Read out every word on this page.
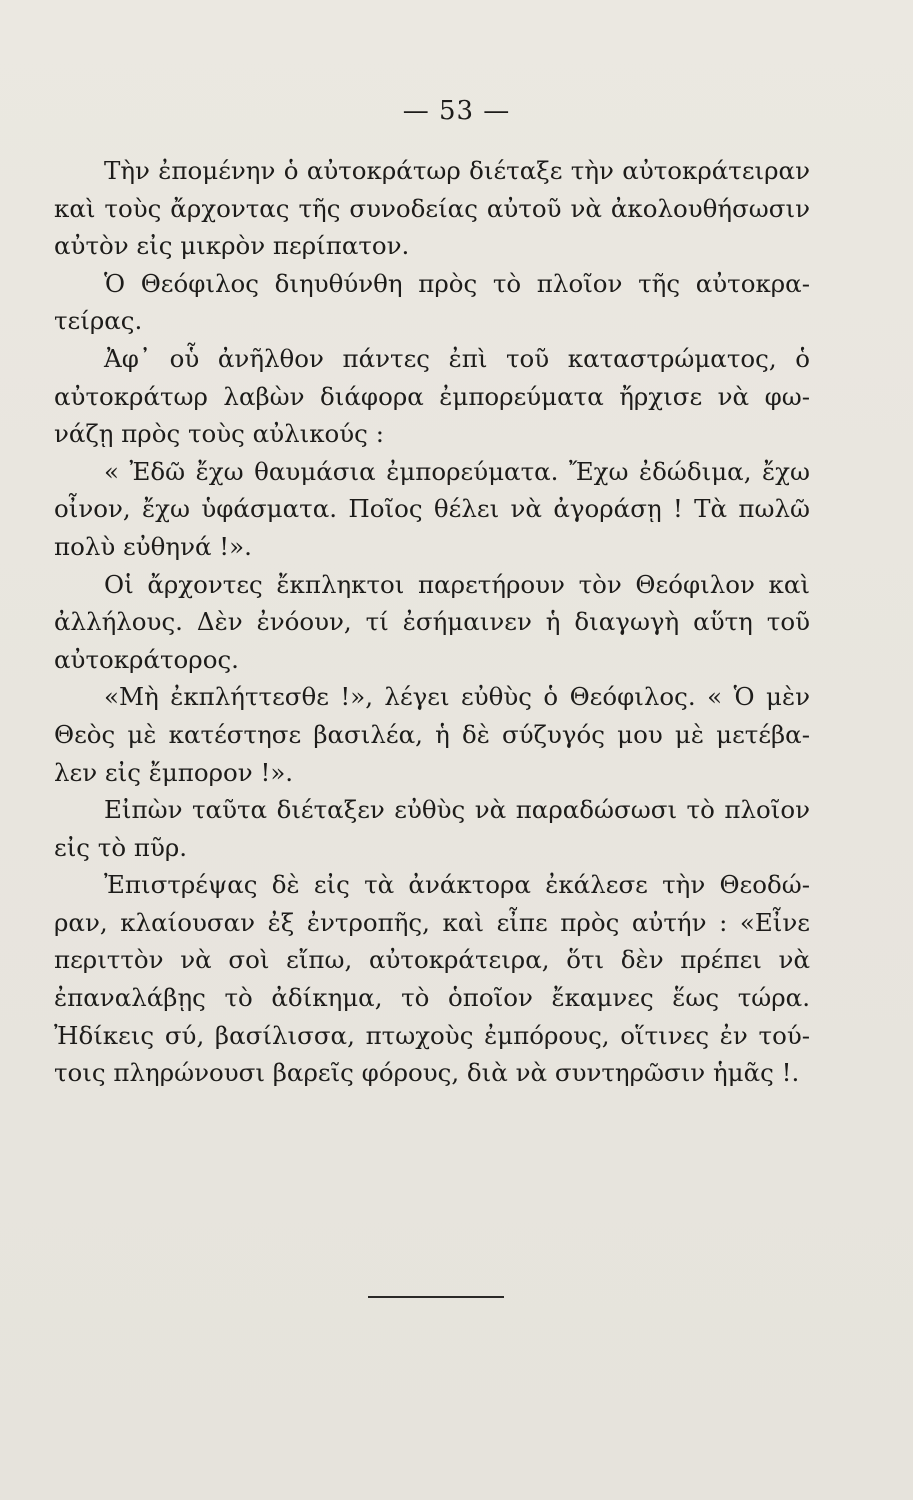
— 53 —
Τὴν ἐπομένην ὁ αὐτοκράτωρ διέταξε τὴν αὐτοκράτειραν
καὶ τοὺς ἄρχοντας τῆς συνοδείας αὐτοῦ νὰ ἀκολουθήσωσιν
αὐτὸν εἰς μικρὸν περίπατον.
Ὁ Θεόφιλος διηυθύνθη πρὸς τὸ πλοῖον τῆς αὐτοκρα-
τείρας.
Ἀφ᾽ οὗ ἀνῆλθον πάντες ἐπὶ τοῦ καταστρώματος, ὁ
αὐτοκράτωρ λαβὼν διάφορα ἐμπορεύματα ἤρχισε νὰ φω-
νάζῃ πρὸς τοὺς αὐλικούς :
« Ἐδῶ ἔχω θαυμάσια ἐμπορεύματα. Ἔχω ἐδώδιμα, ἔχω
οἶνον, ἔχω ὑφάσματα. Ποῖος θέλει νὰ ἀγοράσῃ ! Τὰ πωλῶ
πολὺ εὐθηνά !».
Οἱ ἄρχοντες ἔκπληκτοι παρετήρουν τὸν Θεόφιλον καὶ
ἀλλήλους. Δὲν ἐνόουν, τί ἐσήμαινεν ἡ διαγωγὴ αὕτη τοῦ
αὐτοκράτορος.
«Μὴ ἐκπλήττεσθε !», λέγει εὐθὺς ὁ Θεόφιλος. « Ὁ μὲν
Θεὸς μὲ κατέστησε βασιλέα, ἡ δὲ σύζυγός μου μὲ μετέβα-
λεν εἰς ἔμπορον !».
Εἰπὼν ταῦτα διέταξεν εὐθὺς νὰ παραδώσωσι τὸ πλοῖον
εἰς τὸ πῦρ.
Ἐπιστρέψας δὲ εἰς τὰ ἀνάκτορα ἐκάλεσε τὴν Θεοδώ-
ραν, κλαίουσαν ἐξ ἐντροπῆς, καὶ εἶπε πρὸς αὐτήν : «Εἶνε
περιττὸν νὰ σοὶ εἴπω, αὐτοκράτειρα, ὅτι δὲν πρέπει νὰ
ἐπαναλάβῃς τὸ ἀδίκημα, τὸ ὁποῖον ἔκαμνες ἕως τώρα.
Ἠδίκεις σύ, βασίλισσα, πτωχοὺς ἐμπόρους, οἵτινες ἐν τού-
τοις πληρώνουσι βαρεῖς φόρους, διὰ νὰ συντηρῶσιν ἡμᾶς !.
